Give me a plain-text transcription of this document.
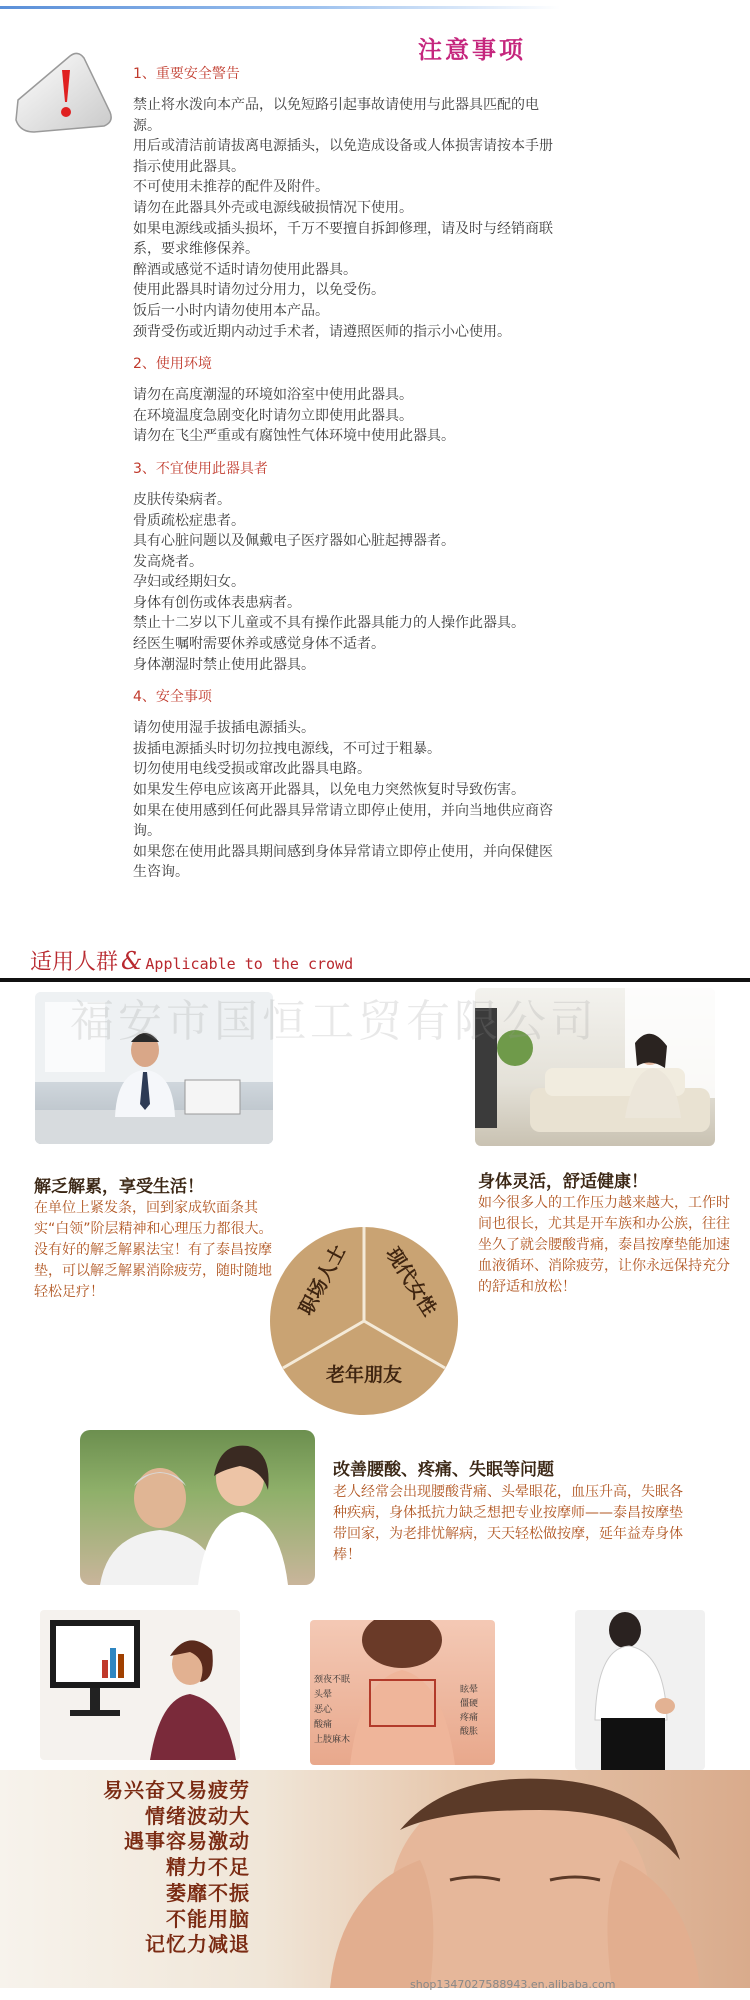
注意事项
1、重要安全警告

禁止将水泼向本产品，以免短路引起事故请使用与此器具匹配的电源。

用后或清洁前请拔离电源插头，以免造成设备或人体损害请按本手册指示使用此器具。

不可使用未推荐的配件及附件。

请勿在此器具外壳或电源线破损情况下使用。

如果电源线或插头损坏，千万不要擅自拆卸修理，请及时与经销商联系，要求维修保养。

醉酒或感觉不适时请勿使用此器具。

使用此器具时请勿过分用力，以免受伤。

饭后一小时内请勿使用本产品。

颈背受伤或近期内动过手术者，请遵照医师的指示小心使用。

2、使用环境

请勿在高度潮湿的环境如浴室中使用此器具。

在环境温度急剧变化时请勿立即使用此器具。

请勿在飞尘严重或有腐蚀性气体环境中使用此器具。

3、不宜使用此器具者

皮肤传染病者。

骨质疏松症患者。

具有心脏问题以及佩戴电子医疗器如心脏起搏器者。

发高烧者。

孕妇或经期妇女。

身体有创伤或体表患病者。

禁止十二岁以下儿童或不具有操作此器具能力的人操作此器具。

经医生嘱咐需要休养或感觉身体不适者。

身体潮湿时禁止使用此器具。

4、安全事项

请勿使用湿手拔插电源插头。

拔插电源插头时切勿拉拽电源线，不可过于粗暴。

切勿使用电线受损或窜改此器具电路。

如果发生停电应该离开此器具，以免电力突然恢复时导致伤害。

如果在使用感到任何此器具异常请立即停止使用，并向当地供应商咨询。

如果您在使用此器具期间感到身体异常请立即停止使用，并向保健医生咨询。

适用人群 & Applicable to the crowd
福安市国恒工贸有限公司
解乏解累，享受生活！
在单位上紧发条，回到家成软面条其实“白领”阶层精神和心理压力都很大。没有好的解乏解累法宝！有了泰昌按摩垫，可以解乏解累消除疲劳，随时随地轻松足疗！
身体灵活，舒适健康！
如今很多人的工作压力越来越大，工作时间也很长，尤其是开车族和办公族，往往坐久了就会腰酸背痛，泰昌按摩垫能加速血液循环、消除疲劳，让你永远保持充分的舒适和放松！
职场人士 现代女性
老年朋友
改善腰酸、疼痛、失眠等问题
老人经常会出现腰酸背痛、头晕眼花，血压升高，失眠各种疾病，身体抵抗力缺乏想把专业按摩师——泰昌按摩垫带回家，为老排忧解病，天天轻松做按摩，延年益寿身体棒！
颈夜不眠
头晕
恶心
酸痛
上肢麻木
眩晕
僵硬
疼痛
酸胀
易兴奋又易疲劳
情绪波动大
遇事容易激动
精力不足
萎靡不振
不能用脑
记忆力减退
shop1347027588943.en.alibaba.com
